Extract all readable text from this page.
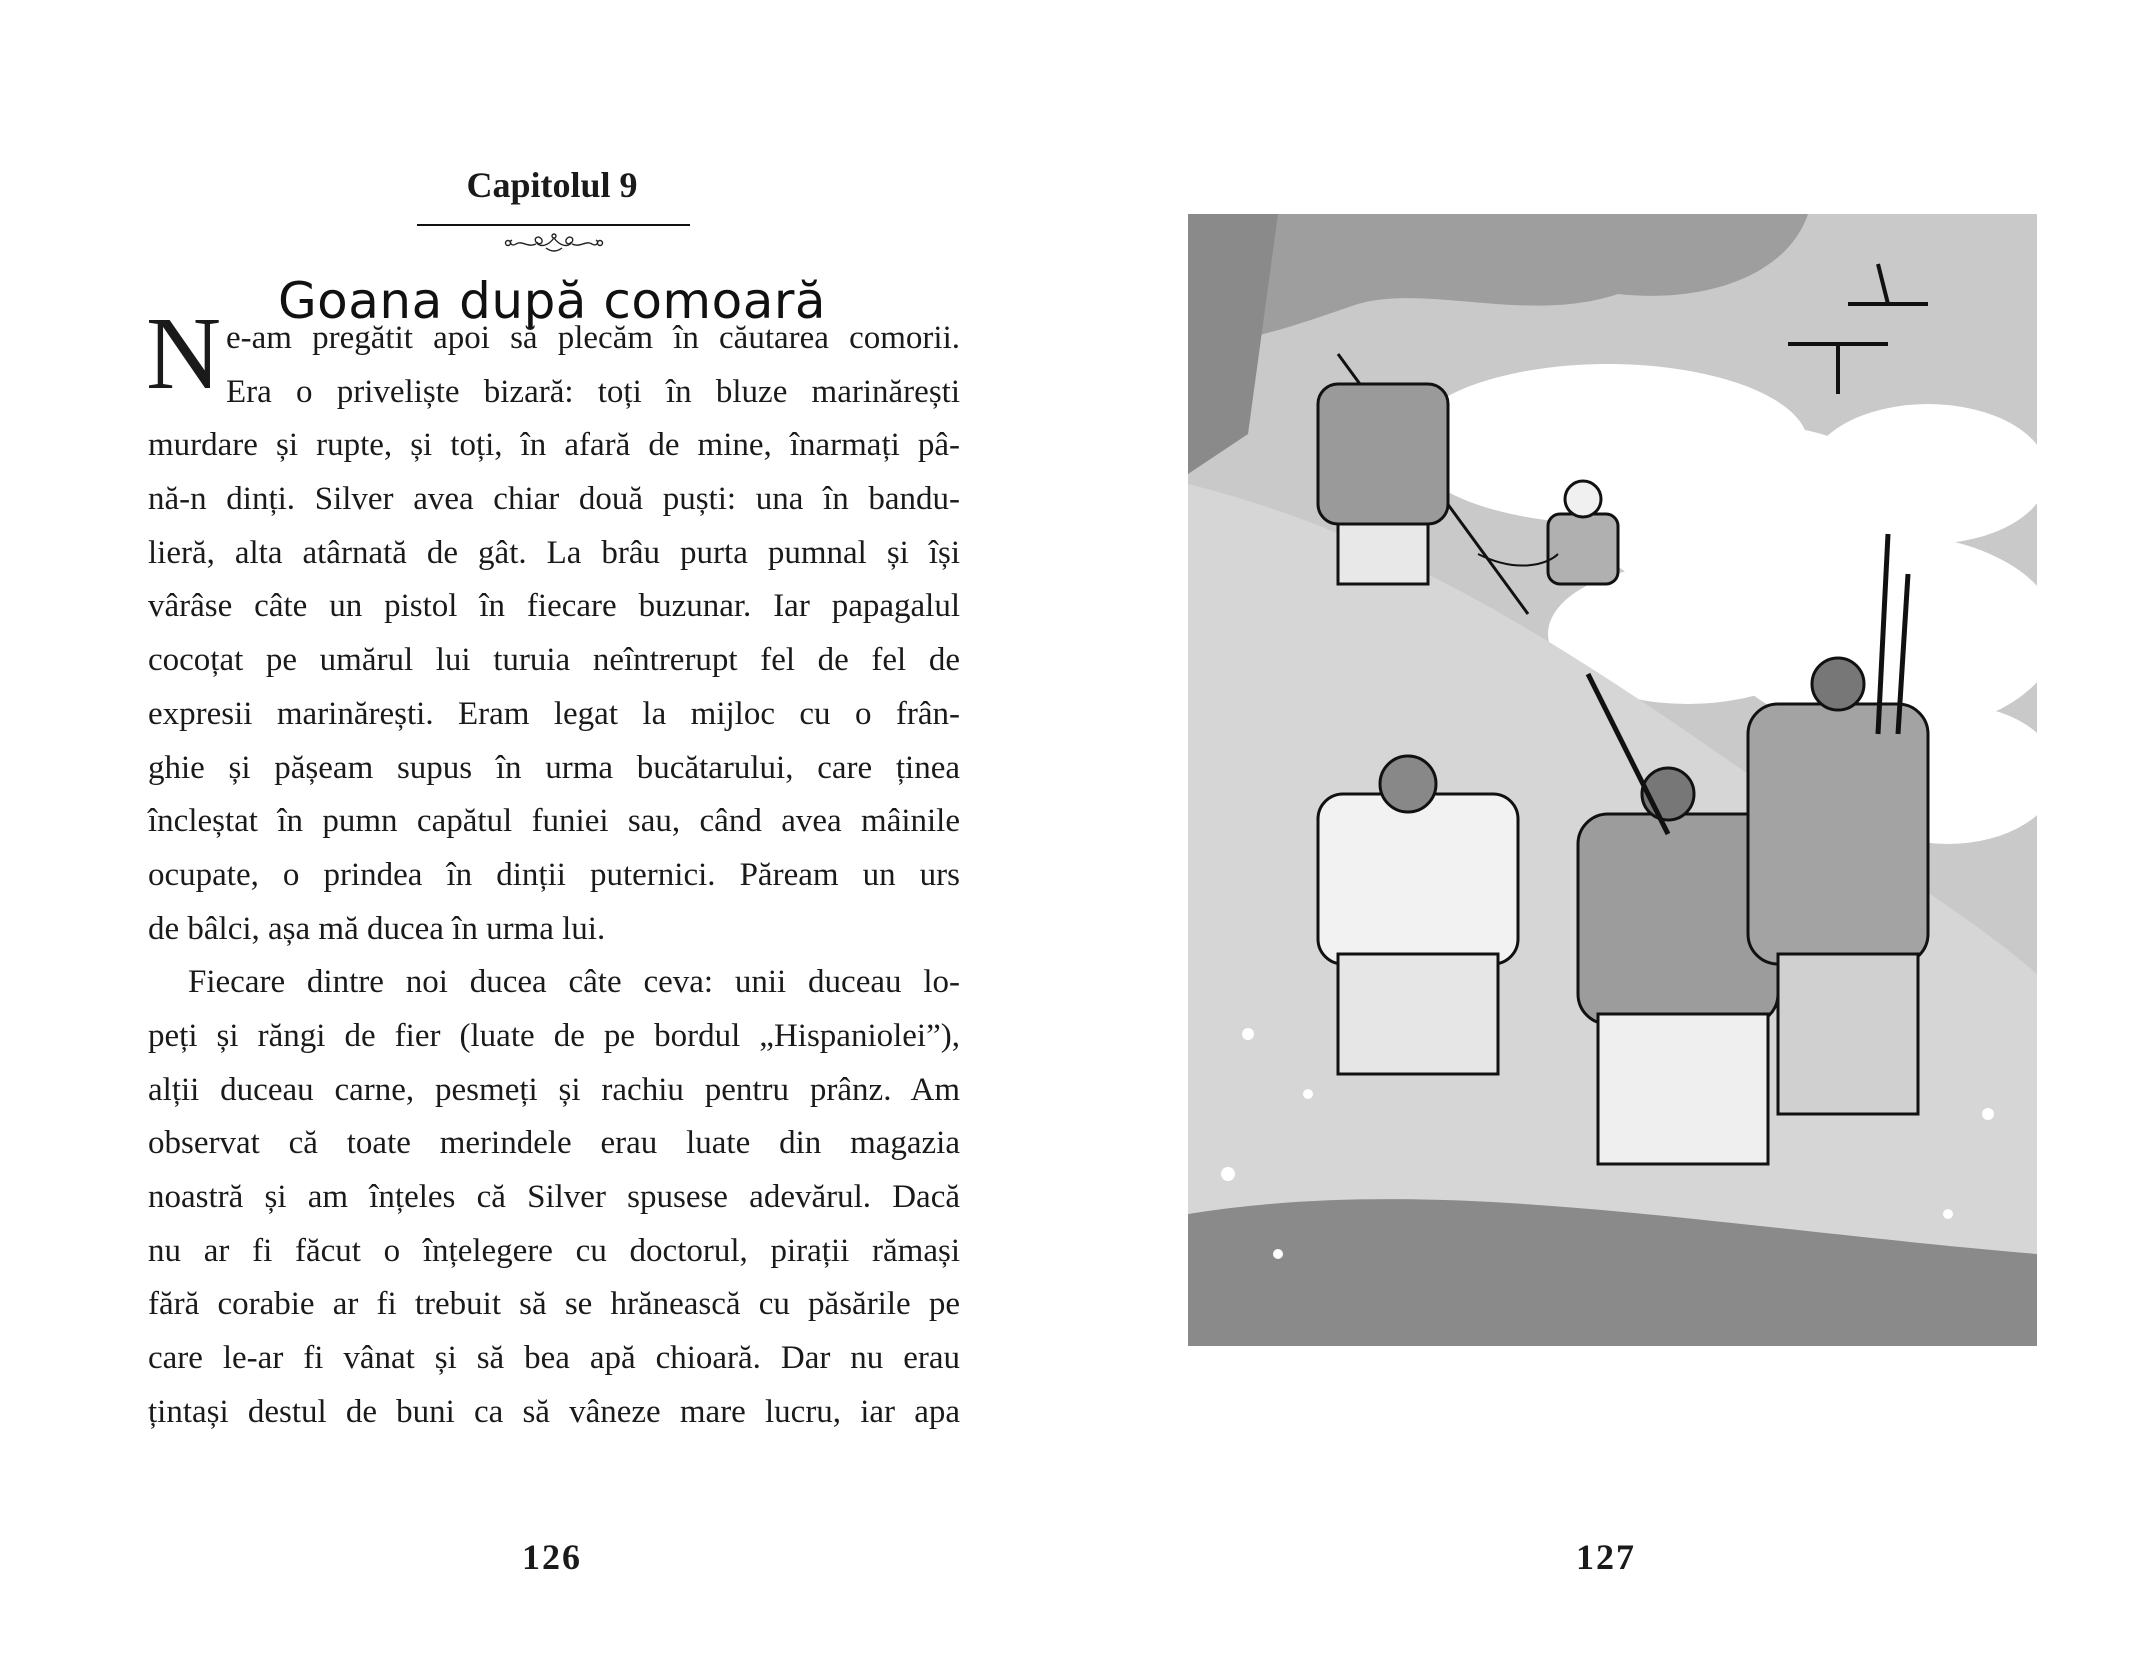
Capitolul 9
Goana după comoară
N e-am pregătit apoi să plecăm în căutarea comorii.
Era o priveliște bizară: toți în bluze marinărești
murdare și rupte, și toți, în afară de mine, înarmați pâ-
nă-n dinți. Silver avea chiar două puști: una în bandu-
lieră, alta atârnată de gât. La brâu purta pumnal și își
vârâse câte un pistol în fiecare buzunar. Iar papagalul
cocoțat pe umărul lui turuia neîntrerupt fel de fel de
expresii marinărești. Eram legat la mijloc cu o frân-
ghie și pășeam supus în urma bucătarului, care ținea
încleștat în pumn capătul funiei sau, când avea mâinile
ocupate, o prindea în dinții puternici. Păream un urs
de bâlci, așa mă ducea în urma lui.
Fiecare dintre noi ducea câte ceva: unii duceau lo-
peți și răngi de fier (luate de pe bordul „Hispaniolei”),
alții duceau carne, pesmeți și rachiu pentru prânz. Am
observat că toate merindele erau luate din magazia
noastră și am înțeles că Silver spusese adevărul. Dacă
nu ar fi făcut o înțelegere cu doctorul, pirații rămași
fără corabie ar fi trebuit să se hrănească cu păsările pe
care le-ar fi vânat și să bea apă chioară. Dar nu erau
țintași destul de buni ca să vâneze mare lucru, iar apa
126	127
